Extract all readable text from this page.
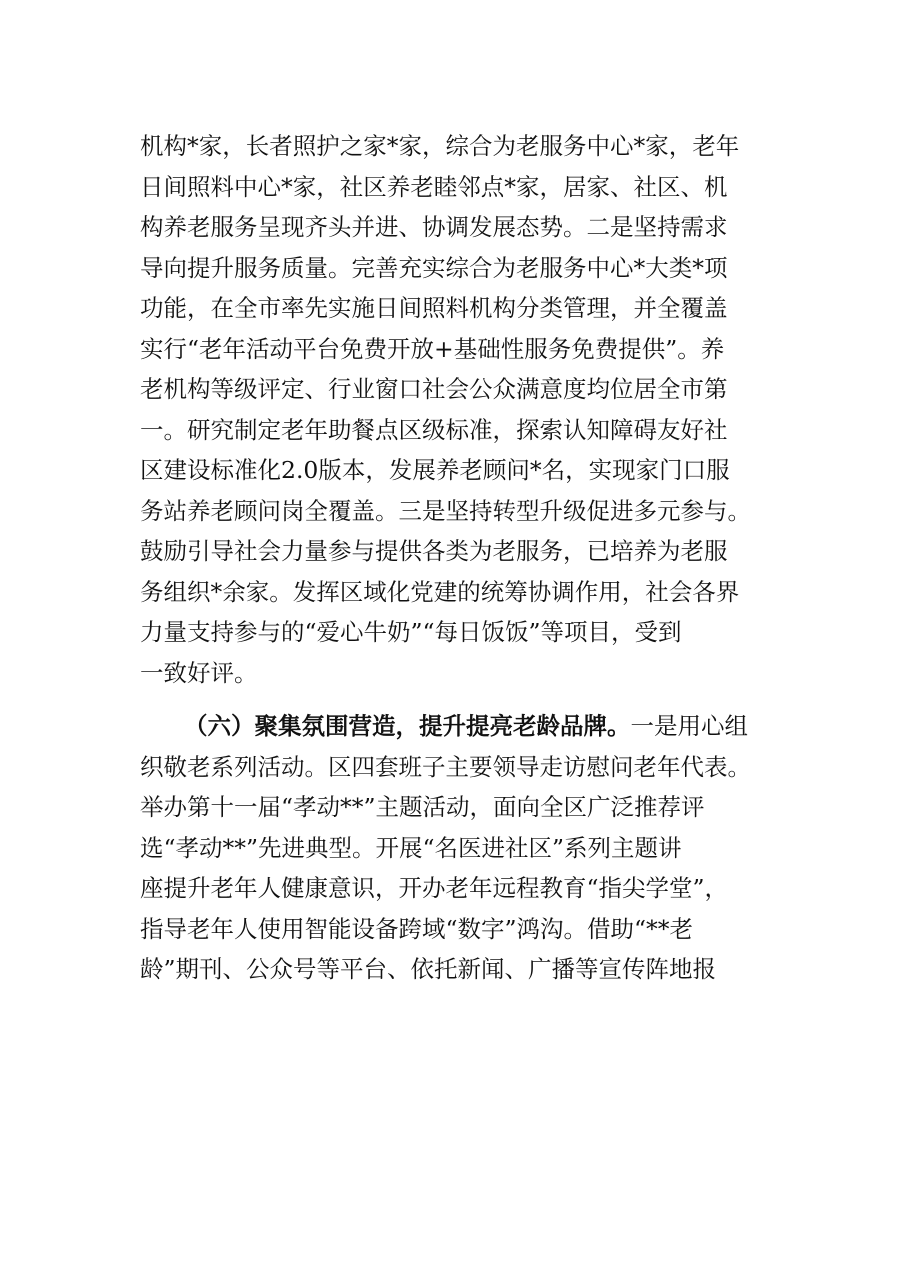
机构*家，长者照护之家*家，综合为老服务中心*家，老年
日间照料中心*家，社区养老睦邻点*家，居家、社区、机
构养老服务呈现齐头并进、协调发展态势。二是坚持需求
导向提升服务质量。完善充实综合为老服务中心*大类*项
功能，在全市率先实施日间照料机构分类管理，并全覆盖
实行“老年活动平台免费开放+基础性服务免费提供”。养
老机构等级评定、行业窗口社会公众满意度均位居全市第
一。研究制定老年助餐点区级标准，探索认知障碍友好社
区建设标准化2.0版本，发展养老顾问*名，实现家门口服
务站养老顾问岗全覆盖。三是坚持转型升级促进多元参与。
鼓励引导社会力量参与提供各类为老服务，已培养为老服
务组织*余家。发挥区域化党建的统筹协调作用，社会各界
力量支持参与的“爱心牛奶”“每日饭饭”等项目，受到
一致好评。
（六）聚集氛围营造，提升提亮老龄品牌。一是用心组
织敬老系列活动。区四套班子主要领导走访慰问老年代表。
举办第十一届“孝动**”主题活动，面向全区广泛推荐评
选“孝动**”先进典型。开展“名医进社区”系列主题讲
座提升老年人健康意识，开办老年远程教育“指尖学堂”，
指导老年人使用智能设备跨域“数字”鸿沟。借助“**老
龄”期刊、公众号等平台、依托新闻、广播等宣传阵地报
